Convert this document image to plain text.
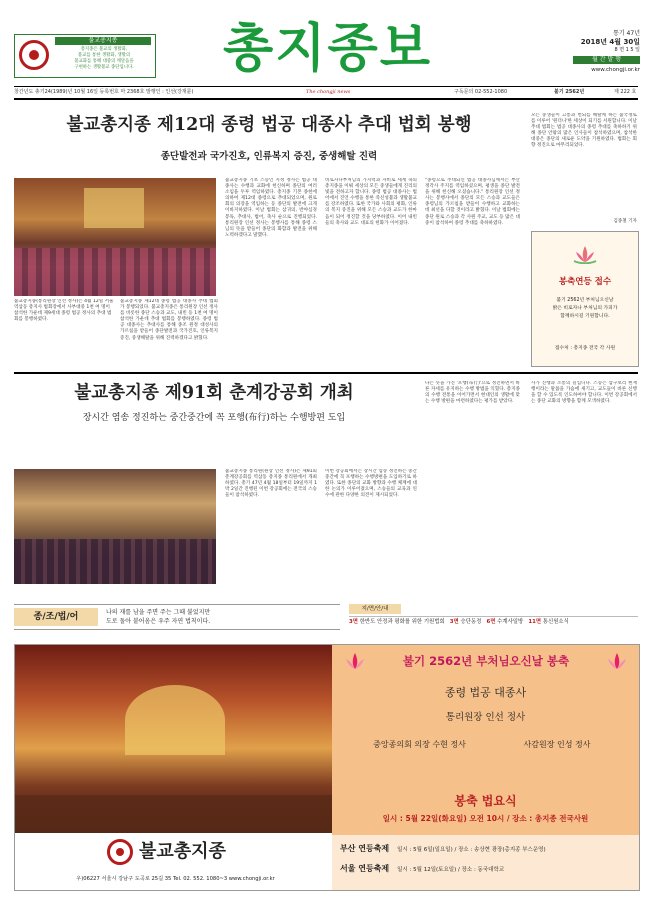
불교총지종
총지종은 불교의 생활화,
불교를 통한 생활화, 생활의
불교화를 통해 대중의 깨달음을
구현하는 생활불교 종단입니다.	총지종보	통기 47년
2018년 4월 30일
8 면 1 5 일
월 간 발 행
www.chongji.or.kr
창간년도 총기24(1989)년 10월 16일 등록번호 마 2368호 발행인 : 인선(강재륜)	The chongji news	구독문의 02-552-1080	불기 2562년	제 222 호
불교총지종 제12대 종령 법공 대종사 추대 법회 봉행
종단발전과 국가진호, 인류복지 증진, 중생해탈 진력
불교총지종(통리원장 인선 정사)은 4월 12일 서울 역삼동 총지사 법회장에서 사부대중 1천 여 명이 참석한 가운데 제9세대 종령 법공 정사의 추대 법회를 봉행하였다.
불교총지종 제12대 종령 법공 대종사 추대 법회가 봉행되었다. 불교총지종은 통리원장 인선 정사를 비롯한 종단 스승과 교도, 내빈 등 1천 여 명이 참석한 가운데 추대 법회를 봉행하였다. 종령 법공 대종사는 추대사를 통해 종조 원정 대성사의 가르침을 받들어 종단발전과 국가진호, 인류복지 증진, 중생해탈을 위해 진력하겠다고 밝혔다.
불교총지종 기초 스승인 지정 정사는 법공 대종사는 수행과 교화에 헌신하며 종단의 여러 소임을 두루 역임하였다. 총지종 기본 종헌에 의하여 제12대 종령으로 추대되었으며, 원로회의 의장을 역임하는 등 종단의 발전에 크게 이바지하였다. 이날 법회는 삼귀의, 반야심경 봉독, 추대사, 법어, 축사 순으로 진행되었다. 통리원장 인선 정사는 봉행사를 통해 종령 스님의 뜻을 받들어 종단의 화합과 발전을 위해 노력하겠다고 말했다.
비로자나부처님의 가지력과 자비로 세계 속의 총지종을 이뤄 세상의 모든 중생들에게 진리의 빛을 전하고자 합니다. 종령 법공 대종사는 법어에서 진언 수행을 통한 즉신성불과 생활불교를 강조하였다. 또한 국가와 사회의 평화, 인류의 복지 증진을 위해 모든 스승과 교도가 한마음이 되어 정진할 것을 당부하였다. 이어 내빈들의 축사와 교도 대표의 헌화가 이어졌다.
"종령으로 추대되신 법공 대종사님께서는 부산 정각사 주지를 역임하셨으며, 평생을 종단 발전을 위해 헌신해 오셨습니다." 통리원장 인선 정사는 봉행사에서 종단의 모든 스승과 교도들은 종령님의 가르침을 받들어 수행하고 교화하는 데 최선을 다할 것이라고 밝혔다. 이날 법회에는 종단 원로 스승과 각 사원 주교, 교도 등 많은 대중이 참석하여 종령 추대를 축하하였다.
모든 중생들이 고통과 번뇌를 해탈케 하는 불국정토를 이루어 '원더나'한 세상이 되기를 서원합니다. 이날 추대 법회는 법공 대종사의 종령 추대를 축하하기 위해 종단 안팎의 많은 인사들이 참석하였으며, 참석한 대중은 종단의 새로운 도약을 기원하였다. 법회는 회향 정진으로 마무리되었다.
김종철 기자
봉축연등 접수
불기 2562년 부처님오신날
밝은 비로자나 부처님의 가피가
함께하시길 기원합니다.
접수처 : 총지종 전국 각 사원
불교총지종 제91회 춘계강공회 개최
장시간 염송 정진하는 중간중간에 꼭 포행(布行)하는 수행방편 도입
불교총지종 통리원(원장 인선 정사)은 제91회 춘계강공회를 역삼동 총지종 통리원에서 개최하였다. 총기 47년 4월 18일부터 19일까지 1박 2일간 진행된 이번 강공회에는 전국의 스승들이 참석하였다.
이번 강공회에서는 장시간 염송 정진하는 중간중간에 꼭 포행하는 수행방편을 도입하기로 하였다. 또한 종단의 교화 방향과 수행 체계에 대한 논의가 이루어졌으며, 스승들의 교육과 연수에 관한 다양한 의견이 제시되었다.
다는 뜻을 가진 '포행(布行)'으로 정진하면서 바른 자세를 유지하는 수행 방법을 익혔다. 총지종의 수행 전통을 이어가면서 현대인의 생활에 맞는 수행 방편을 마련하였다는 평가를 받았다.
사가 진행과 소통의 길입니다. 스승은 삼구보리 현재행이라는 말씀을 가슴에 새기고, 교도들이 바른 신행을 할 수 있도록 인도하여야 합니다. 이번 강공회에서는 종단 교화의 방향을 함께 모색하였다.
종/조/법/어	나의 재를 남을 주면 주는 그때 불었지만
도로 돌아 붙어옴은 우주 자연 법칙이다.
지/면/안/내
3면 한반도 안정과 평화를 위한 기원법회 3면 승단동정 6면 수계사일방 11면 통신원소식
불교총지종
우)06227 서울시 강남구 도곡로 25길 35 Tel. 02. 552. 1080~3 www.chongji.or.kr
불기 2562년 부처님오신날 봉축
종령 법공 대종사
통리원장 인선 정사
중앙종의회 의장 수현 정사	사감원장 인성 정사
봉축 법요식
일시 : 5월 22일(화요일) 오전 10시 / 장소 : 총지종 전국사원
부산 연등축제 일시 : 5월 6일(일요일) / 장소 : 송상현 광장(총지종 부스운영)
서울 연등축제 일시 : 5월 12일(토요일) / 장소 : 동국대학교
